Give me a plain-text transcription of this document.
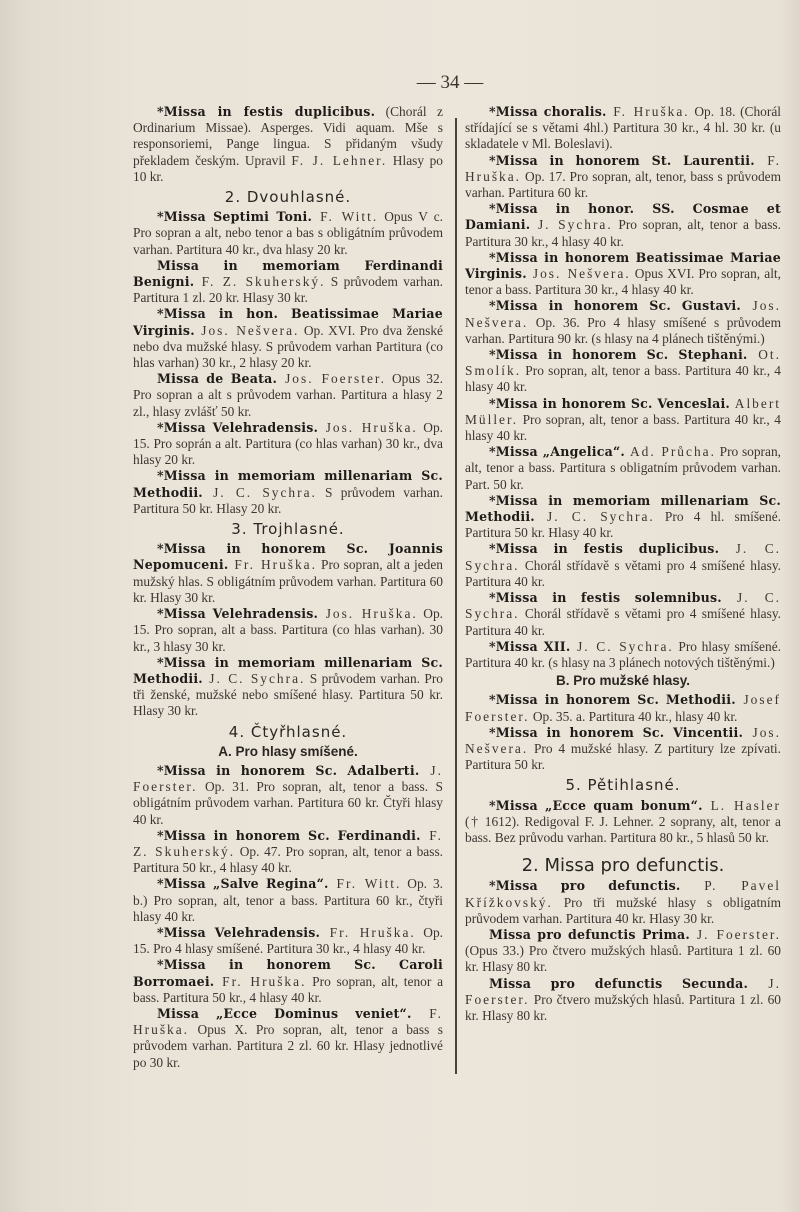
— 34 —

*Missa in festis duplicibus. (Chorál z Ordinarium Missae). Asperges. Vidi aquam. Mše s responsoriemi, Pange lingua. S přidaným všudy překladem českým. Upravil F. J. Lehner. Hlasy po 10 kr.

2. Dvouhlasné.

*Missa Septimi Toni. F. Witt. Opus V c. Pro sopran a alt, nebo tenor a bas s obligátním průvodem varhan. Partitura 40 kr., dva hlasy 20 kr.

Missa in memoriam Ferdinandi Benigni. F. Z. Skuherský. S průvodem varhan. Partitura 1 zl. 20 kr. Hlasy 30 kr.

*Missa in hon. Beatissimae Mariae Virginis. Jos. Nešvera. Op. XVI. Pro dva ženské nebo dva mužské hlasy. S průvodem varhan Partitura (co hlas varhan) 30 kr., 2 hlasy 20 kr.

Missa de Beata. Jos. Foerster. Opus 32. Pro sopran a alt s průvodem varhan. Partitura a hlasy 2 zl., hlasy zvlášť 50 kr.

*Missa Velehradensis. Jos. Hruška. Op. 15. Pro soprán a alt. Partitura (co hlas varhan) 30 kr., dva hlasy 20 kr.

*Missa in memoriam millenariam Sc. Methodii. J. C. Sychra. S průvodem varhan. Partitura 50 kr. Hlasy 20 kr.

3. Trojhlasné.

*Missa in honorem Sc. Joannis Nepomuceni. Fr. Hruška. Pro sopran, alt a jeden mužský hlas. S obligátním průvodem varhan. Partitura 60 kr. Hlasy 30 kr.

*Missa Velehradensis. Jos. Hruška. Op. 15. Pro sopran, alt a bass. Partitura (co hlas varhan). 30 kr., 3 hlasy 30 kr.

*Missa in memoriam millenariam Sc. Methodii. J. C. Sychra. S průvodem varhan. Pro tři ženské, mužské nebo smíšené hlasy. Partitura 50 kr. Hlasy 30 kr.

4. Čtyřhlasné.
A. Pro hlasy smíšené.

*Missa in honorem Sc. Adalberti. J. Foerster. Op. 31. Pro sopran, alt, tenor a bass. S obligátním průvodem varhan. Partitura 60 kr. Čtyři hlasy 40 kr.

*Missa in honorem Sc. Ferdinandi. F. Z. Skuherský. Op. 47. Pro sopran, alt, tenor a bass. Partitura 50 kr., 4 hlasy 40 kr.

*Missa „Salve Regina“. Fr. Witt. Op. 3. b.) Pro sopran, alt, tenor a bass. Partitura 60 kr., čtyři hlasy 40 kr.

*Missa Velehradensis. Fr. Hruška. Op. 15. Pro 4 hlasy smíšené. Partitura 30 kr., 4 hlasy 40 kr.

*Missa in honorem Sc. Caroli Borromaei. Fr. Hruška. Pro sopran, alt, tenor a bass. Partitura 50 kr., 4 hlasy 40 kr.

Missa „Ecce Dominus veniet“. F. Hruška. Opus X. Pro sopran, alt, tenor a bass s průvodem varhan. Partitura 2 zl. 60 kr. Hlasy jednotlivé po 30 kr.

*Missa choralis. F. Hruška. Op. 18. (Chorál střídající se s větami 4hl.) Partitura 30 kr., 4 hl. 30 kr. (u skladatele v Ml. Boleslavi).

*Missa in honorem St. Laurentii. F. Hruška. Op. 17. Pro sopran, alt, tenor, bass s průvodem varhan. Partitura 60 kr.

*Missa in honor. SS. Cosmae et Damiani. J. Sychra. Pro sopran, alt, tenor a bass. Partitura 30 kr., 4 hlasy 40 kr.

*Missa in honorem Beatissimae Mariae Virginis. Jos. Nešvera. Opus XVI. Pro sopran, alt, tenor a bass. Partitura 30 kr., 4 hlasy 40 kr.

*Missa in honorem Sc. Gustavi. Jos. Nešvera. Op. 36. Pro 4 hlasy smíšené s průvodem varhan. Partitura 90 kr. (s hlasy na 4 plánech tištěnými.)

*Missa in honorem Sc. Stephani. Ot. Smolík. Pro sopran, alt, tenor a bass. Partitura 40 kr., 4 hlasy 40 kr.

*Missa in honorem Sc. Venceslai. Albert Müller. Pro sopran, alt, tenor a bass. Partitura 40 kr., 4 hlasy 40 kr.

*Missa „Angelica“. Ad. Průcha. Pro sopran, alt, tenor a bass. Partitura s obligatním průvodem varhan. Part. 50 kr.

*Missa in memoriam millenariam Sc. Methodii. J. C. Sychra. Pro 4 hl. smíšené. Partitura 50 kr. Hlasy 40 kr.

*Missa in festis duplicibus. J. C. Sychra. Chorál střídavě s větami pro 4 smíšené hlasy. Partitura 40 kr.

*Missa in festis solemnibus. J. C. Sychra. Chorál střídavě s větami pro 4 smíšené hlasy. Partitura 40 kr.

*Missa XII. J. C. Sychra. Pro hlasy smíšené. Partitura 40 kr. (s hlasy na 3 plánech notových tištěnými.)

B. Pro mužské hlasy.

*Missa in honorem Sc. Methodii. Josef Foerster. Op. 35. a. Partitura 40 kr., hlasy 40 kr.

*Missa in honorem Sc. Vincentii. Jos. Nešvera. Pro 4 mužské hlasy. Z partitury lze zpívati. Partitura 50 kr.

5. Pětihlasné.

*Missa „Ecce quam bonum“. L. Hasler († 1612). Redigoval F. J. Lehner. 2 soprany, alt, tenor a bass. Bez průvodu varhan. Partitura 80 kr., 5 hlasů 50 kr.

2. Missa pro defunctis.

*Missa pro defunctis. P. Pavel Křížkovský. Pro tři mužské hlasy s obligatním průvodem varhan. Partitura 40 kr. Hlasy 30 kr.

Missa pro defunctis Prima. J. Foerster. (Opus 33.) Pro čtvero mužských hlasů. Partitura 1 zl. 60 kr. Hlasy 80 kr.

Missa pro defunctis Secunda. J. Foerster. Pro čtvero mužských hlasů. Partitura 1 zl. 60 kr. Hlasy 80 kr.
